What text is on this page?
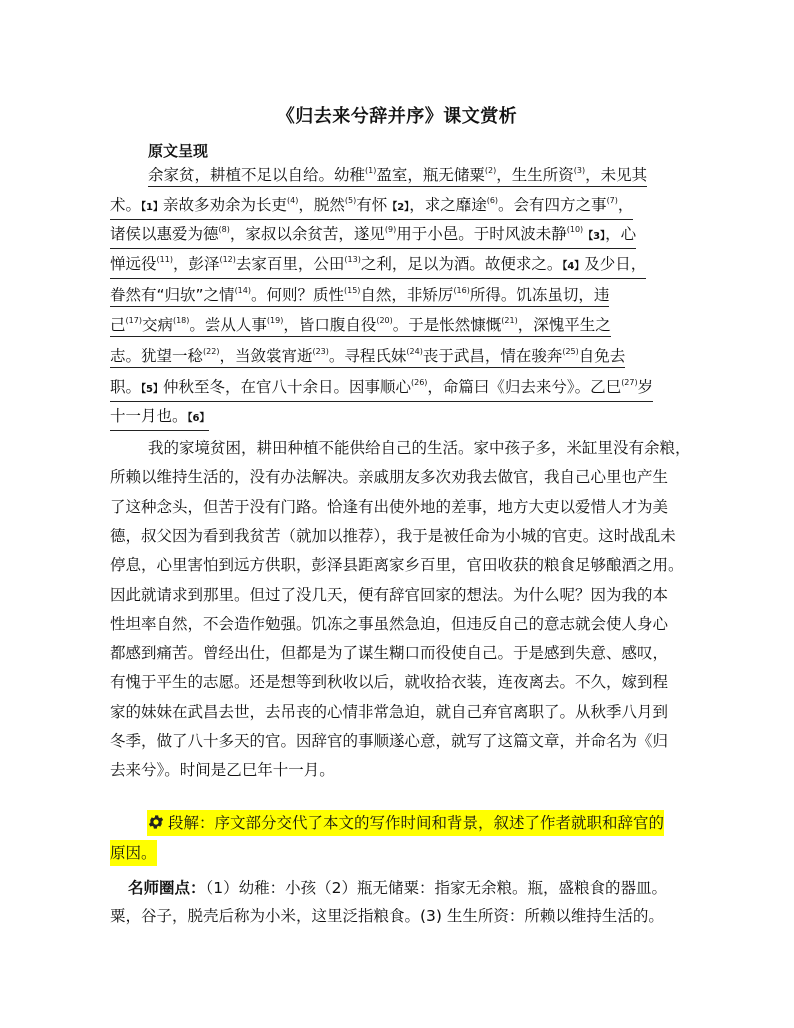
《归去来兮辞并序》课文赏析
原文呈现
余家贫，耕植不足以自给。幼稚$^{(1)}$盈室，瓶无储粟$^{(2)}$，生生所资$^{(3)}$，未见其
术。【1】亲故多劝余为长吏$^{(4)}$，脱然$^{(5)}$有怀【2】，求之靡途$^{(6)}$。会有四方之事$^{(7)}$，
诸侯以惠爱为德$^{(8)}$，家叔以余贫苦，遂见$^{(9)}$用于小邑。于时风波未静$^{(10)}$【3】，心
惮远役$^{(11)}$，彭泽$^{(12)}$去家百里，公田$^{(13)}$之利，足以为酒。故便求之。【4】及少日，
眷然有“归欤”之情$^{(14)}$。何则？质性$^{(15)}$自然，非矫厉$^{(16)}$所得。饥冻虽切，违
己$^{(17)}$交病$^{(18)}$。尝从人事$^{(19)}$，皆口腹自役$^{(20)}$。于是怅然慷慨$^{(21)}$，深愧平生之
志。犹望一稔$^{(22)}$，当敛裳宵逝$^{(23)}$。寻程氏妹$^{(24)}$丧于武昌，情在骏奔$^{(25)}$自免去
职。【5】仲秋至冬，在官八十余日。因事顺心$^{(26)}$，命篇曰《归去来兮》。乙巳$^{(27)}$岁
十一月也。【6】
我的家境贫困，耕田种植不能供给自己的生活。家中孩子多，米缸里没有余粮，
所赖以维持生活的，没有办法解决。亲戚朋友多次劝我去做官，我自己心里也产生
了这种念头，但苦于没有门路。恰逢有出使外地的差事，地方大吏以爱惜人才为美
德，叔父因为看到我贫苦（就加以推荐），我于是被任命为小城的官吏。这时战乱未
停息，心里害怕到远方供职，彭泽县距离家乡百里，官田收获的粮食足够酿酒之用。
因此就请求到那里。但过了没几天，便有辞官回家的想法。为什么呢？因为我的本
性坦率自然，不会造作勉强。饥冻之事虽然急迫，但违反自己的意志就会使人身心
都感到痛苦。曾经出仕，但都是为了谋生糊口而役使自己。于是感到失意、感叹，
有愧于平生的志愿。还是想等到秋收以后，就收拾衣装，连夜离去。不久，嫁到程
家的妹妹在武昌去世，去吊丧的心情非常急迫，就自己弃官离职了。从秋季八月到
冬季，做了八十多天的官。因辞官的事顺遂心意，就写了这篇文章，并命名为《归
去来兮》。时间是乙巳年十一月。
段解：序文部分交代了本文的写作时间和背景，叙述了作者就职和辞官的
原因。
名师圈点：（1）幼稚：小孩（2）瓶无储粟：指家无余粮。瓶，盛粮食的器皿。
粟，谷子，脱壳后称为小米，这里泛指粮食。(3) 生生所资：所赖以维持生活的。
